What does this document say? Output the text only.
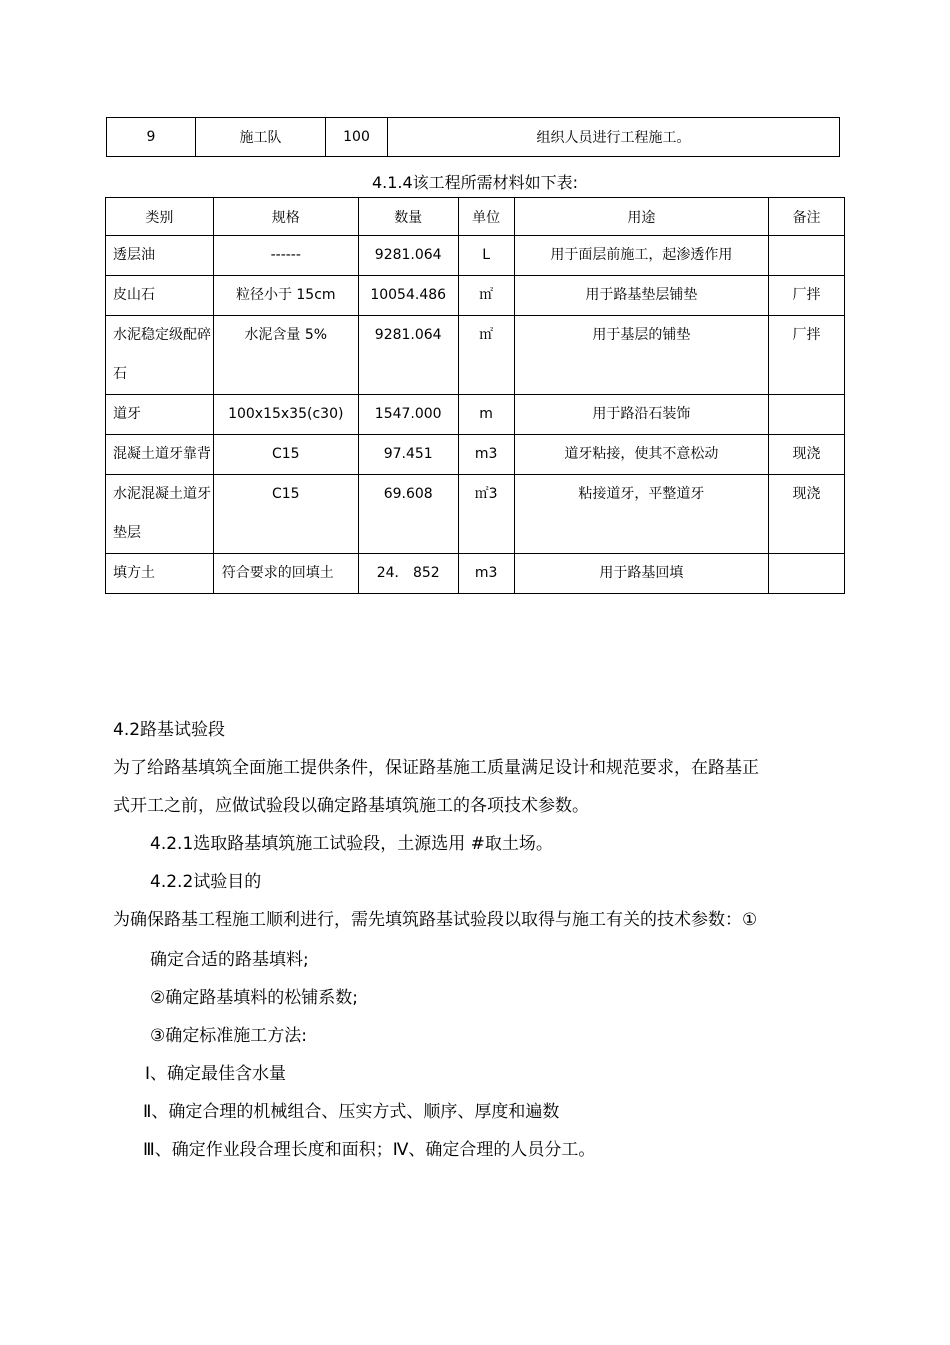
9	施工队	100	组织人员进行工程施工。
4.1.4该工程所需材料如下表:
类别	规格	数量	单位	用途	备注
透层油	------	9281.064	L	用于面层前施工，起渗透作用	
皮山石	粒径小于 15cm	10054.486	㎡	用于路基垫层铺垫	厂拌
水泥稳定级配碎石	水泥含量 5%	9281.064	㎡	用于基层的铺垫	厂拌
道牙	100x15x35(c30)	1547.000	m	用于路沿石装饰	
混凝土道牙靠背	C15	97.451	m3	道牙粘接，使其不意松动	现浇
水泥混凝土道牙垫层	C15	69.608	㎡3	粘接道牙，平整道牙	现浇
填方土	符合要求的回填土	24． 852	m3	用于路基回填	
4.2路基试验段
为了给路基填筑全面施工提供条件，保证路基施工质量满足设计和规范要求，在路基正
式开工之前，应做试验段以确定路基填筑施工的各项技术参数。
4.2.1选取路基填筑施工试验段，土源选用 #取土场。
4.2.2试验目的
为确保路基工程施工顺利进行，需先填筑路基试验段以取得与施工有关的技术参数：①
确定合适的路基填料;
②确定路基填料的松铺系数;
③确定标准施工方法:
Ⅰ、确定最佳含水量
Ⅱ、确定合理的机械组合、压实方式、顺序、厚度和遍数
Ⅲ、确定作业段合理长度和面积；Ⅳ、确定合理的人员分工。
